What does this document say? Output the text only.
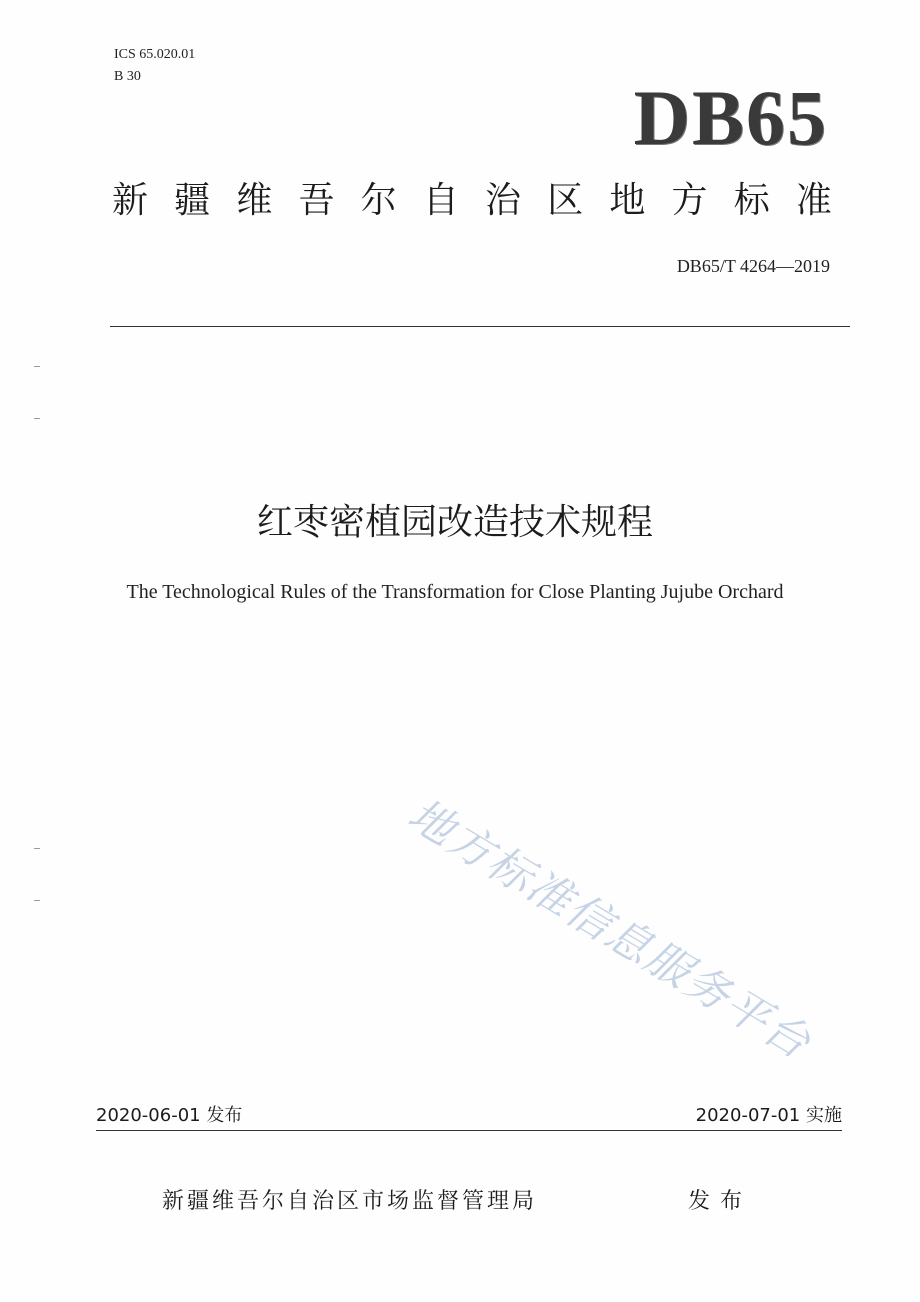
ICS 65.020.01
B 30	DB65
新 疆 维 吾 尔 自 治 区 地 方 标 准
DB65/T 4264—2019
红枣密植园改造技术规程
The Technological Rules of the Transformation for Close Planting Jujube Orchard
地方标准信息服务平台
2020-06-01 发布	2020-07-01 实施
新疆维吾尔自治区市场监督管理局	发布
